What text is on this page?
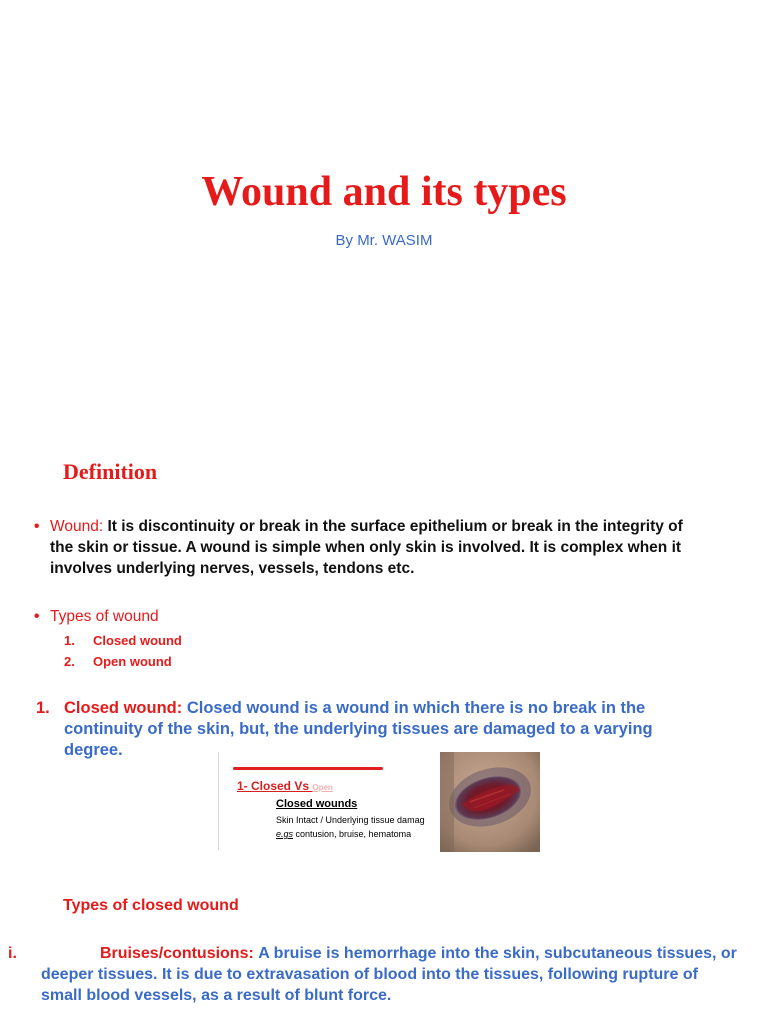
Wound and its types
By Mr. WASIM
Definition
• Wound: It is discontinuity or break in the surface epithelium or break in the integrity of
the skin or tissue. A wound is simple when only skin is involved. It is complex when it
involves underlying nerves, vessels, tendons etc.
• Types of wound
1. Closed wound
2. Open wound
1. Closed wound: Closed wound is a wound in which there is no break in the
continuity of the skin, but, the underlying tissues are damaged to a varying
degree.
1- Closed Vs Open
Closed wounds
Skin Intact / Underlying tissue damag
e.gs contusion, bruise, hematoma
Types of closed wound
i.	Bruises/contusions: A bruise is hemorrhage into the skin, subcutaneous tissues, or
deeper tissues. It is due to extravasation of blood into the tissues, following rupture of
small blood vessels, as a result of blunt force.
